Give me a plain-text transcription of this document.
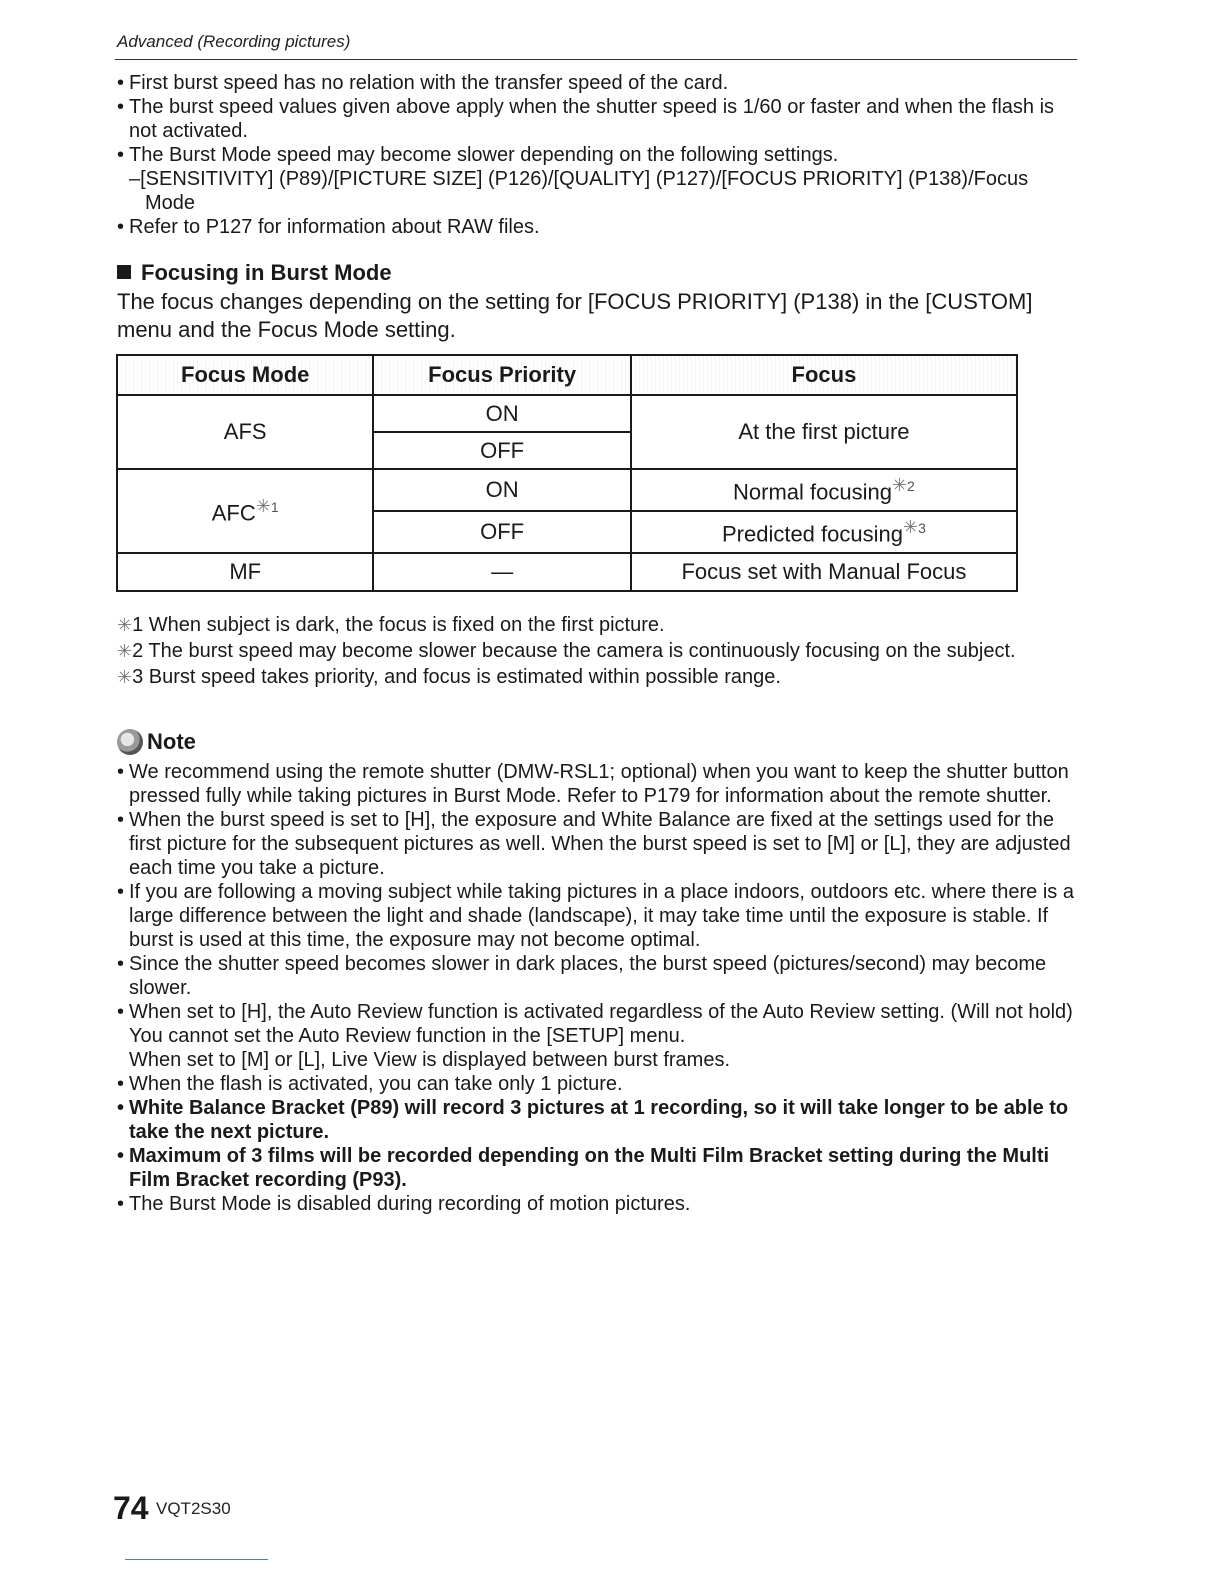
Advanced (Recording pictures)

• First burst speed has no relation with the transfer speed of the card.

• The burst speed values given above apply when the shutter speed is 1/60 or faster and when the flash is not activated.

• The Burst Mode speed may become slower depending on the following settings.

–[SENSITIVITY] (P89)/[PICTURE SIZE] (P126)/[QUALITY] (P127)/[FOCUS PRIORITY] (P138)/Focus Mode

• Refer to P127 for information about RAW files.

Focusing in Burst Mode

The focus changes depending on the setting for [FOCUS PRIORITY] (P138) in the [CUSTOM] menu and the Focus Mode setting.

Focus Mode	Focus Priority	Focus
AFS	ON	At the first picture
	OFF	
$AFC^{✳1}$	ON	Normal focusing$^{✳2}$
	OFF	Predicted focusing$^{✳3}$
MF	—	Focus set with Manual Focus

✳1 When subject is dark, the focus is fixed on the first picture.

✳2 The burst speed may become slower because the camera is continuously focusing on the subject.

✳3 Burst speed takes priority, and focus is estimated within possible range.

Note

• We recommend using the remote shutter (DMW-RSL1; optional) when you want to keep the shutter button pressed fully while taking pictures in Burst Mode. Refer to P179 for information about the remote shutter.

• When the burst speed is set to [H], the exposure and White Balance are fixed at the settings used for the first picture for the subsequent pictures as well. When the burst speed is set to [M] or [L], they are adjusted each time you take a picture.

• If you are following a moving subject while taking pictures in a place indoors, outdoors etc. where there is a large difference between the light and shade (landscape), it may take time until the exposure is stable. If burst is used at this time, the exposure may not become optimal.

• Since the shutter speed becomes slower in dark places, the burst speed (pictures/second) may become slower.

• When set to [H], the Auto Review function is activated regardless of the Auto Review setting. (Will not hold) You cannot set the Auto Review function in the [SETUP] menu.

When set to [M] or [L], Live View is displayed between burst frames.

• When the flash is activated, you can take only 1 picture.

• White Balance Bracket (P89) will record 3 pictures at 1 recording, so it will take longer to be able to take the next picture.

• Maximum of 3 films will be recorded depending on the Multi Film Bracket setting during the Multi Film Bracket recording (P93).

• The Burst Mode is disabled during recording of motion pictures.

74 VQT2S30
